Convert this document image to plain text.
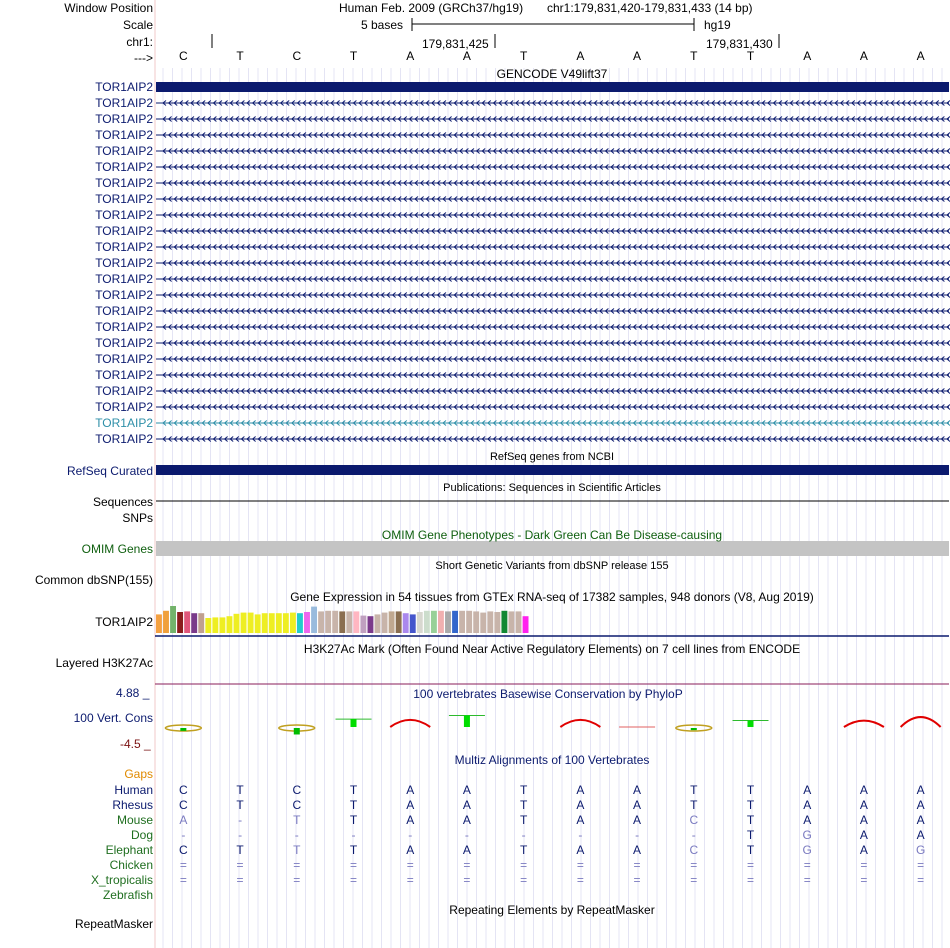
Window Position
Scale
chr1:
--->
Human Feb. 2009 (GRCh37/hg19) chr1:179,831,420-179,831,433 (14 bp)
5 bases	hg19
179,831,425	179,831,430
C	T	C	T	A	A	T	A	A	T	T	A	A	A
GENCODE V49lift37
TOR1AIP2
TOR1AIP2
TOR1AIP2
TOR1AIP2
TOR1AIP2
TOR1AIP2
TOR1AIP2
TOR1AIP2
TOR1AIP2
TOR1AIP2
TOR1AIP2
TOR1AIP2
TOR1AIP2
TOR1AIP2
TOR1AIP2
TOR1AIP2
TOR1AIP2
TOR1AIP2
TOR1AIP2
TOR1AIP2
TOR1AIP2
TOR1AIP2
TOR1AIP2
RefSeq genes from NCBI
RefSeq Curated
Publications: Sequences in Scientific Articles
Sequences
SNPs
OMIM Gene Phenotypes - Dark Green Can Be Disease-causing
OMIM Genes
Short Genetic Variants from dbSNP release 155
Common dbSNP(155)
Gene Expression in 54 tissues from GTEx RNA-seq of 17382 samples, 948 donors (V8, Aug 2019)
TOR1AIP2
H3K27Ac Mark (Often Found Near Active Regulatory Elements) on 7 cell lines from ENCODE
Layered H3K27Ac
100 vertebrates Basewise Conservation by PhyloP
100 Vert. Cons
4.88 _
-4.5 _
Multiz Alignments of 100 Vertebrates
Gaps
Human C	T	C	T	A	A	T	A	A	T	T	A	A	A
Rhesus C	T	C	T	A	A	T	A	A	T	T	A	A	A
Mouse A	-	T	T	A	A	T	A	A	C	T	A	A	A
Dog -	-	-	-	-	-	-	-	-	-	T	G	A	A
Elephant C	T	T	T	A	A	T	A	A	C	T	G	A	G
Chicken =	=	=	=	=	=	=	=	=	=	=	=	=	=
X_tropicalis =	=	=	=	=	=	=	=	=	=	=	=	=	=
Zebrafish
Repeating Elements by RepeatMasker
RepeatMasker
